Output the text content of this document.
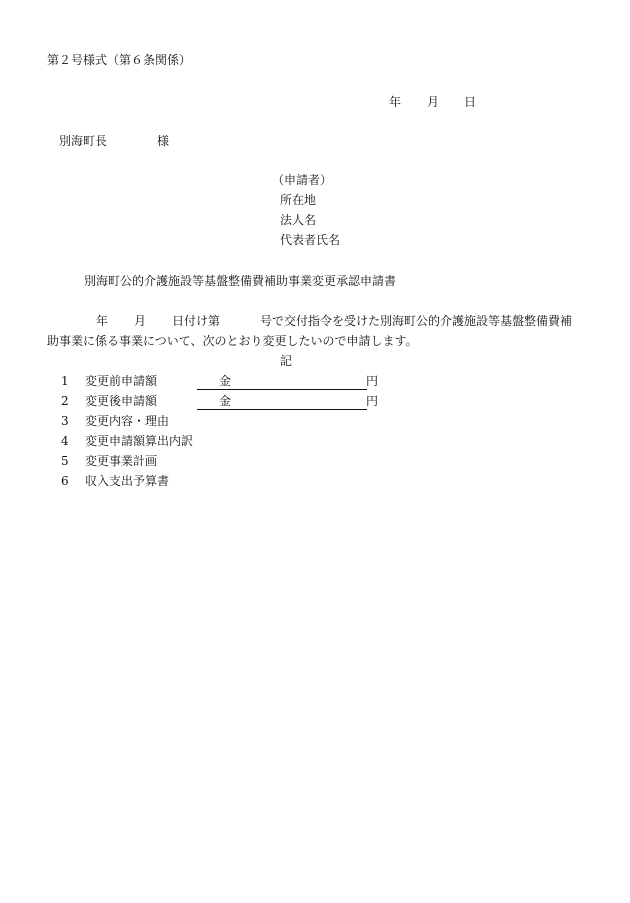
第２号様式（第６条関係）
年 月 日
別海町長	様
（申請者）
所在地
法人名
代表者氏名
別海町公的介護施設等基盤整備費補助事業変更承認申請書
年 月 日付け第	号で交付指令を受けた別海町公的介護施設等基盤整備費補
助事業に係る事業について、次のとおり変更したいので申請します。
記
1 変更前申請額	金	円
2 変更後申請額	金	円
3 変更内容・理由
4 変更申請額算出内訳
5 変更事業計画
6 収入支出予算書
